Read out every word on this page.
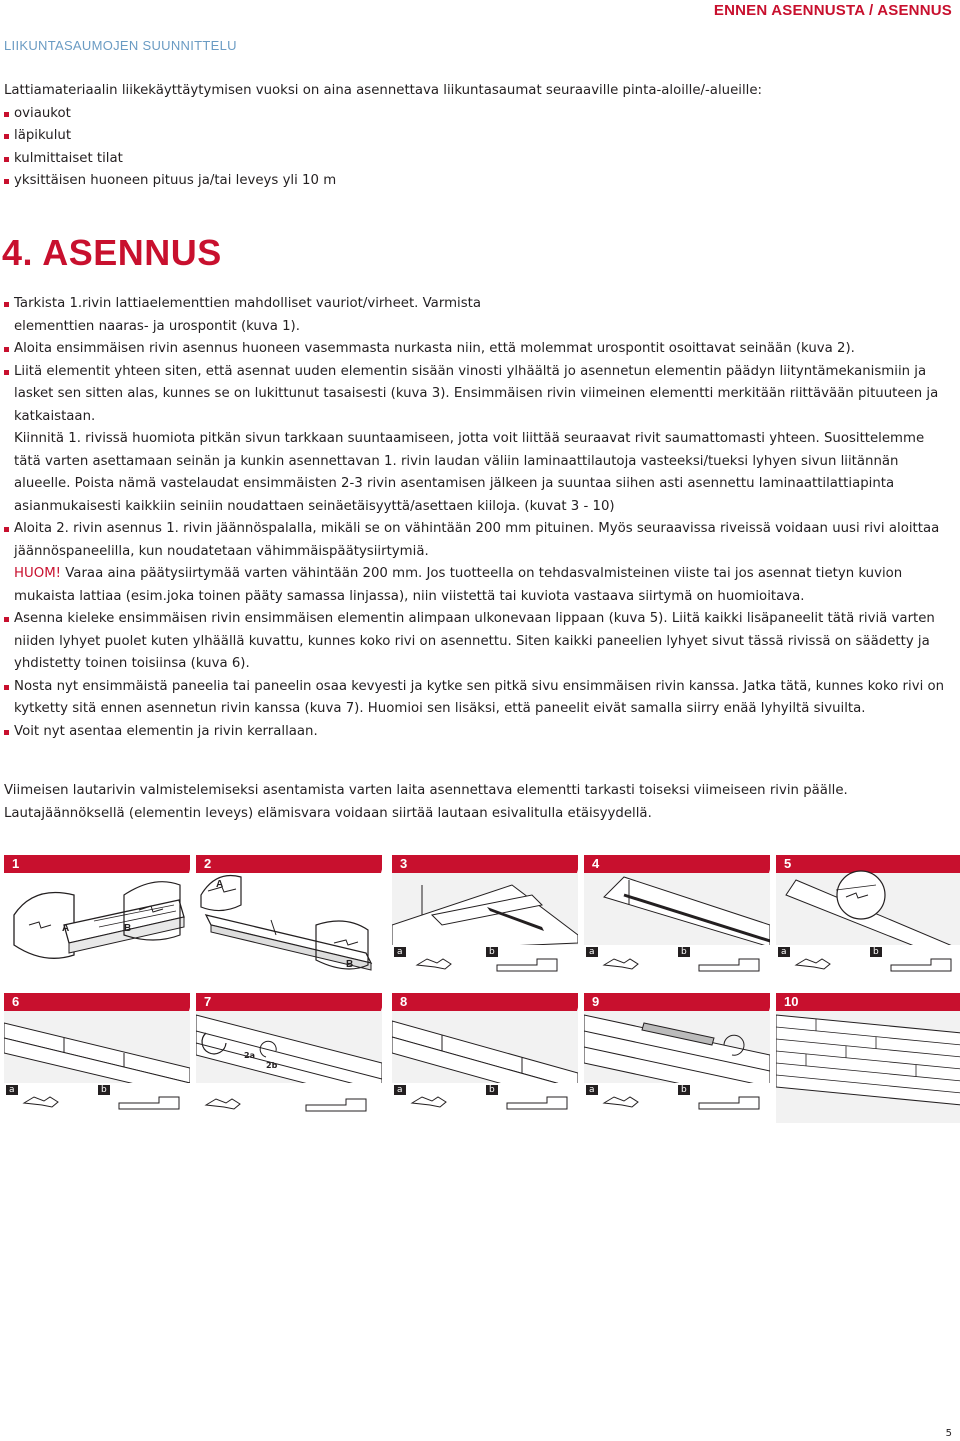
ENNEN ASENNUSTA / ASENNUS
LIIKUNTASAUMOJEN SUUNNITTELU

Lattiamateriaalin liikekäyttäytymisen vuoksi on aina asennettava liikuntasaumat seuraaville pinta-aloille/-alueille:

oviaukot
läpikulut
kulmittaiset tilat
yksittäisen huoneen pituus ja/tai leveys yli 10 m
4. ASENNUS
Tarkista 1.rivin lattiaelementtien mahdolliset vauriot/virheet. Varmista elementtien naaras- ja urospontit (kuva 1).
Aloita ensimmäisen rivin asennus huoneen vasemmasta nurkasta niin, että molemmat urospontit osoittavat seinään (kuva 2).
Liitä elementit yhteen siten, että asennat uuden elementin sisään vinosti ylhäältä jo asennetun elementin päädyn liityntämekanismiin ja lasket sen sitten alas, kunnes se on lukittunut tasaisesti (kuva 3). Ensimmäisen rivin viimeinen elementti merkitään riittävään pituuteen ja katkaistaan.

Kiinnitä 1. rivissä huomiota pitkän sivun tarkkaan suuntaamiseen, jotta voit liittää seuraavat rivit saumattomasti yhteen. Suosittelemme tätä varten asettamaan seinän ja kunkin asennettavan 1. rivin laudan väliin laminaattilautoja vasteeksi/tueksi lyhyen sivun liitännän alueelle. Poista nämä vastelaudat ensimmäisten 2-3 rivin asentamisen jälkeen ja suuntaa siihen asti asennettu laminaattilattiapinta asianmukaisesti kaikkiin seiniin noudattaen seinäetäisyyttä/asettaen kiiloja. (kuvat 3 - 10)

Aloita 2. rivin asennus 1. rivin jäännöspalalla, mikäli se on vähintään 200 mm pituinen. Myös seuraavissa riveissä voidaan uusi rivi aloittaa jäännöspaneelilla, kun noudatetaan vähimmäispäätysiirtymiä.

HUOM! Varaa aina päätysiirtymää varten vähintään 200 mm. Jos tuotteella on tehdasvalmisteinen viiste tai jos asennat tietyn kuvion mukaista lattiaa (esim.joka toinen pääty samassa linjassa), niin viistettä tai kuviota vastaava siirtymä on huomioitava.

Asenna kieleke ensimmäisen rivin ensimmäisen elementin alimpaan ulkonevaan lippaan (kuva 5). Liitä kaikki lisäpaneelit tätä riviä varten niiden lyhyet puolet kuten ylhäällä kuvattu, kunnes koko rivi on asennettu. Siten kaikki paneelien lyhyet sivut tässä rivissä on säädetty ja yhdistetty toinen toisiinsa (kuva 6).
Nosta nyt ensimmäistä paneelia tai paneelin osaa kevyesti ja kytke sen pitkä sivu ensimmäisen rivin kanssa. Jatka tätä, kunnes koko rivi on kytketty sitä ennen asennetun rivin kanssa (kuva 7). Huomioi sen lisäksi, että paneelit eivät samalla siirry enää lyhyiltä sivuilta.
Voit nyt asentaa elementin ja rivin kerrallaan.

Viimeisen lautarivin valmistelemiseksi asentamista varten laita asennettava elementti tarkasti toiseksi viimeiseen rivin päälle. Lautajäännöksellä (elementin leveys) elämisvara voidaan siirtää lautaan esivalitulla etäisyydellä.

1
A	B
2
A
B
3
a	b
4
a	b
5
a	b
6
a	b
7
2a
2b
8
a	b
9
a	b
10
5
